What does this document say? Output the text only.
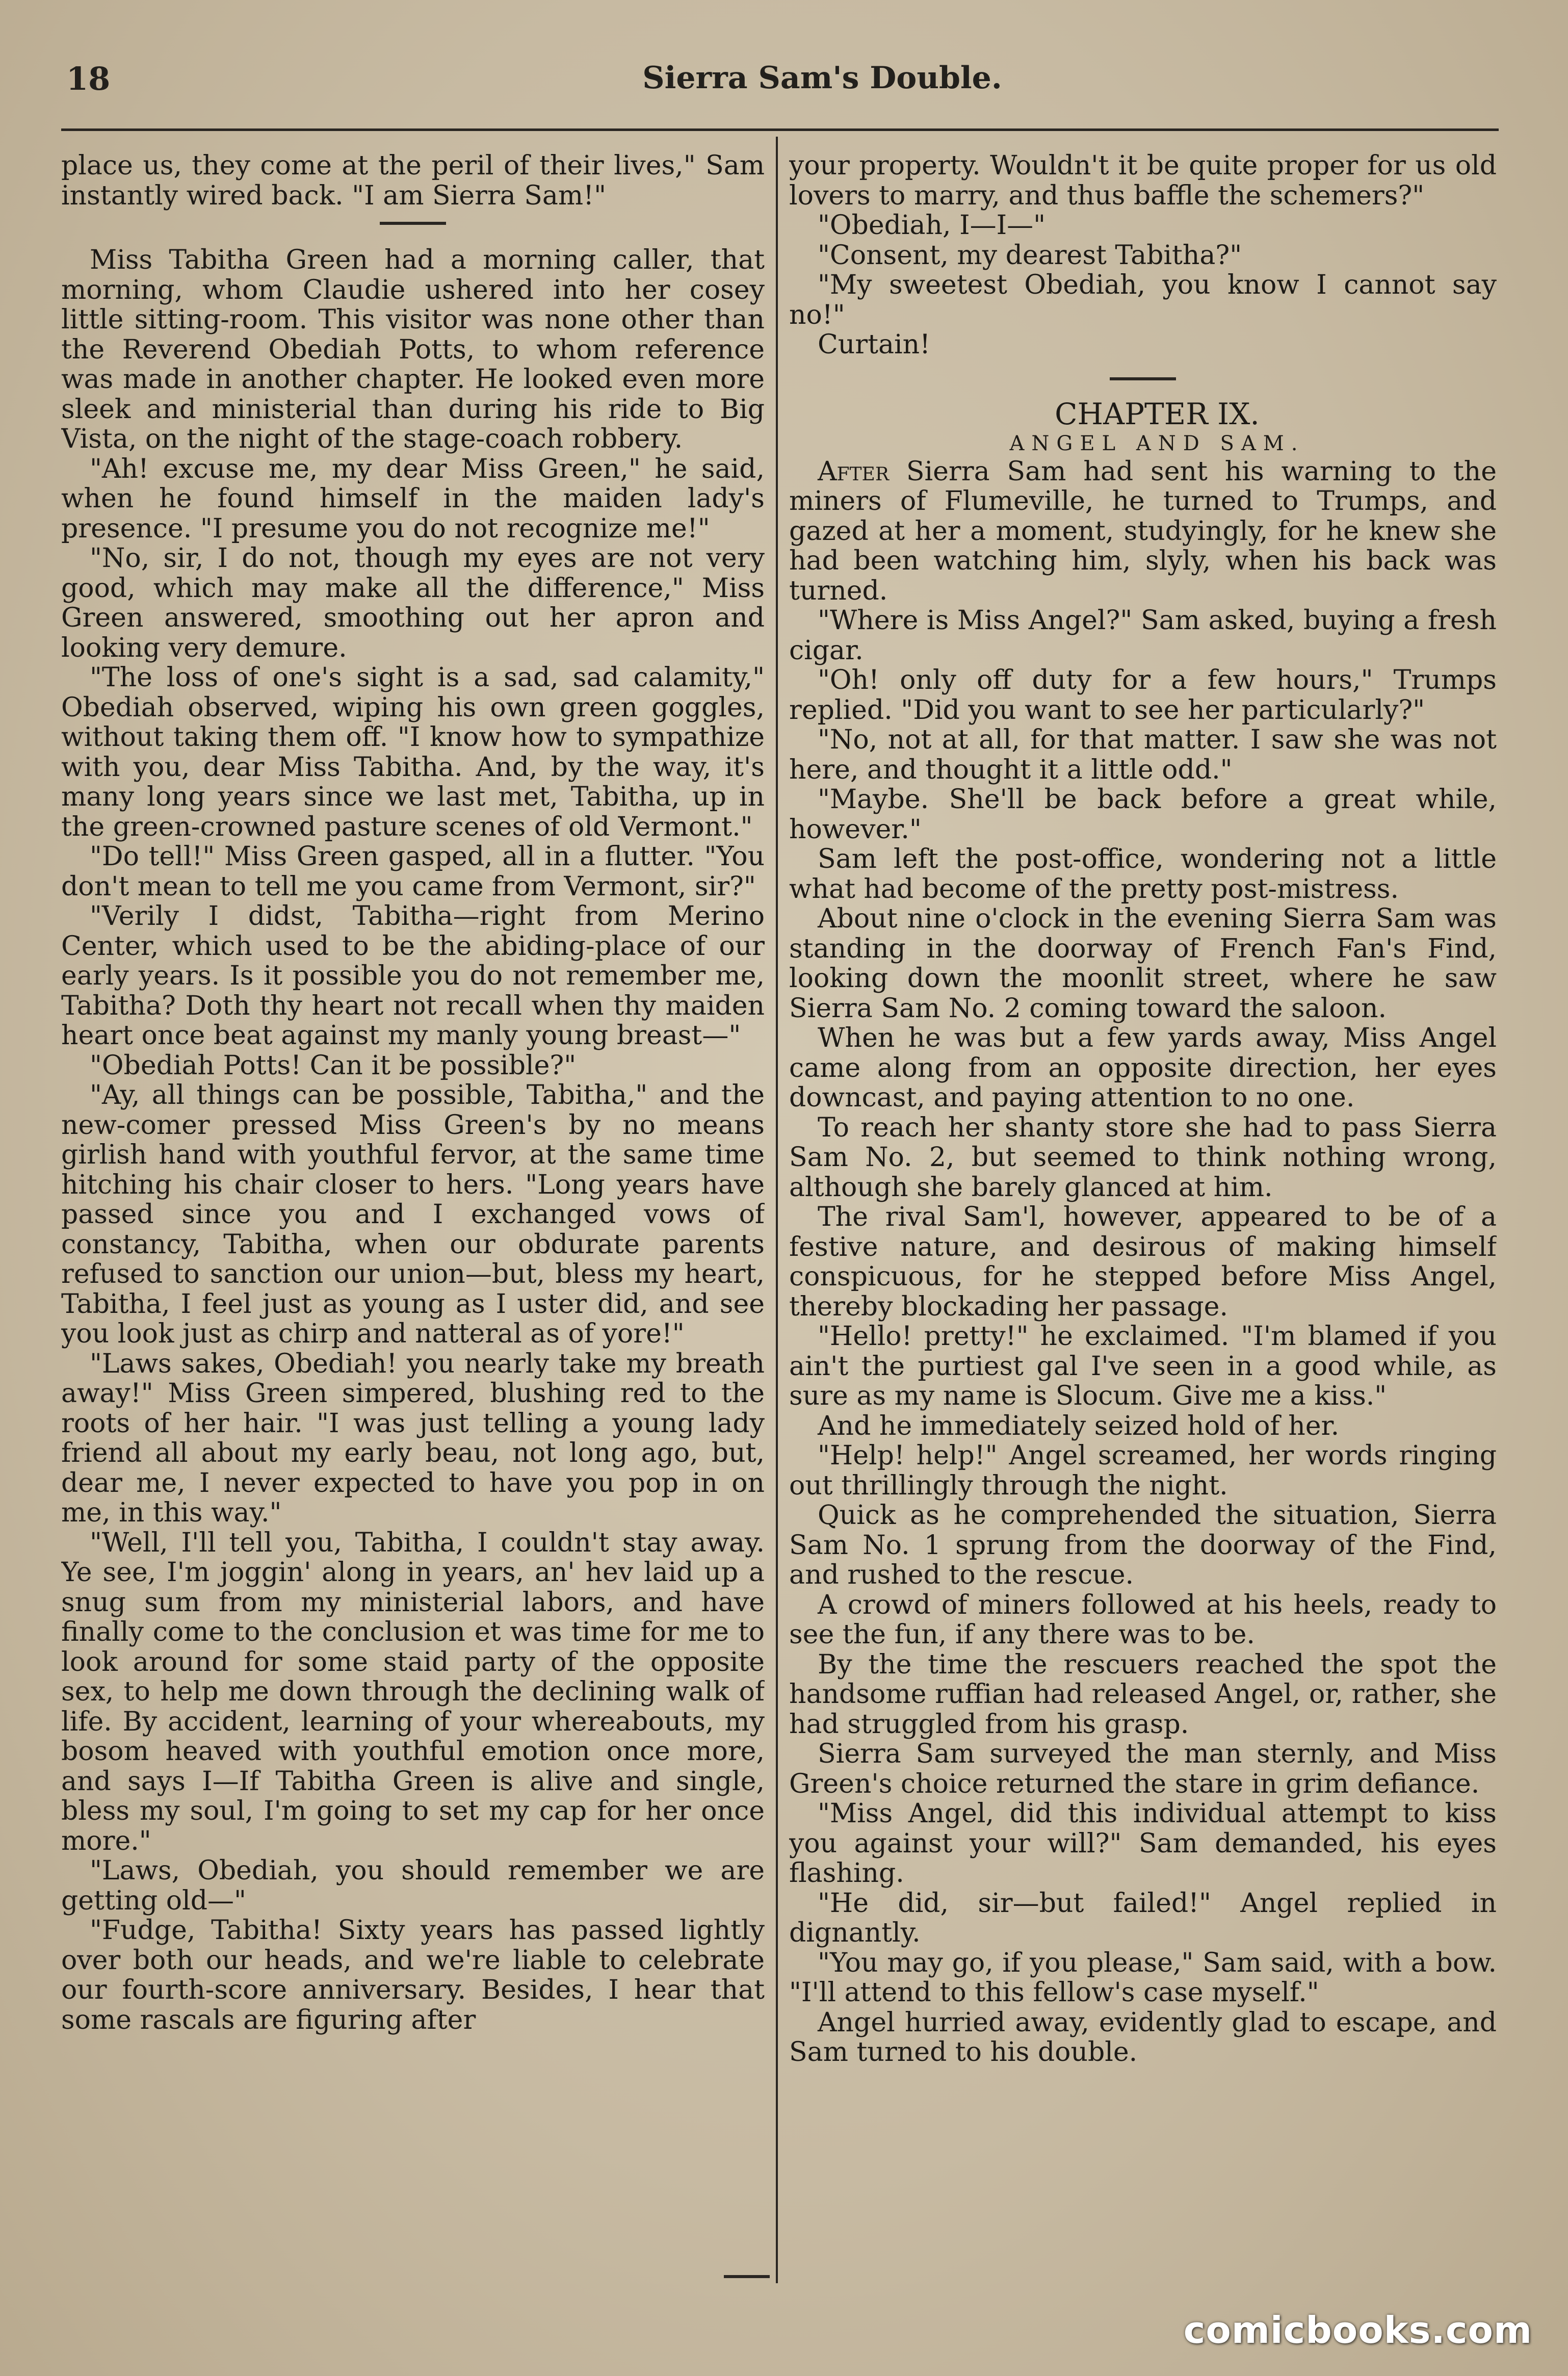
18	Sierra Sam's Double.

place us, they come at the peril of their lives," Sam instantly wired back. "I am Sierra Sam!"

Miss Tabitha Green had a morning caller, that morning, whom Claudie ushered into her cosey little sitting-room. This visitor was none other than the Reverend Obediah Potts, to whom reference was made in another chapter. He looked even more sleek and ministerial than during his ride to Big Vista, on the night of the stage-coach robbery.

"Ah! excuse me, my dear Miss Green," he said, when he found himself in the maiden lady's presence. "I presume you do not recognize me!"

"No, sir, I do not, though my eyes are not very good, which may make all the difference," Miss Green answered, smoothing out her apron and looking very demure.

"The loss of one's sight is a sad, sad calamity," Obediah observed, wiping his own green goggles, without taking them off. "I know how to sympathize with you, dear Miss Tabitha. And, by the way, it's many long years since we last met, Tabitha, up in the green-crowned pasture scenes of old Vermont."

"Do tell!" Miss Green gasped, all in a flutter. "You don't mean to tell me you came from Vermont, sir?"

"Verily I didst, Tabitha—right from Merino Center, which used to be the abiding-place of our early years. Is it possible you do not remember me, Tabitha? Doth thy heart not recall when thy maiden heart once beat against my manly young breast—"

"Obediah Potts! Can it be possible?"

"Ay, all things can be possible, Tabitha," and the new-comer pressed Miss Green's by no means girlish hand with youthful fervor, at the same time hitching his chair closer to hers. "Long years have passed since you and I exchanged vows of constancy, Tabitha, when our obdurate parents refused to sanction our union—but, bless my heart, Tabitha, I feel just as young as I uster did, and see you look just as chirp and natteral as of yore!"

"Laws sakes, Obediah! you nearly take my breath away!" Miss Green simpered, blushing red to the roots of her hair. "I was just telling a young lady friend all about my early beau, not long ago, but, dear me, I never expected to have you pop in on me, in this way."

"Well, I'll tell you, Tabitha, I couldn't stay away. Ye see, I'm joggin' along in years, an' hev laid up a snug sum from my ministerial labors, and have finally come to the conclusion et was time for me to look around for some staid party of the opposite sex, to help me down through the declining walk of life. By accident, learning of your whereabouts, my bosom heaved with youthful emotion once more, and says I—If Tabitha Green is alive and single, bless my soul, I'm going to set my cap for her once more."

"Laws, Obediah, you should remember we are getting old—"

"Fudge, Tabitha! Sixty years has passed lightly over both our heads, and we're liable to celebrate our fourth-score anniversary. Besides, I hear that some rascals are figuring after

your property. Wouldn't it be quite proper for us old lovers to marry, and thus baffle the schemers?"

"Obediah, I—I—"

"Consent, my dearest Tabitha?"

"My sweetest Obediah, you know I cannot say no!"

Curtain!

CHAPTER IX.

ANGEL AND SAM.

After Sierra Sam had sent his warning to the miners of Flumeville, he turned to Trumps, and gazed at her a moment, studyingly, for he knew she had been watching him, slyly, when his back was turned.

"Where is Miss Angel?" Sam asked, buying a fresh cigar.

"Oh! only off duty for a few hours," Trumps replied. "Did you want to see her particularly?"

"No, not at all, for that matter. I saw she was not here, and thought it a little odd."

"Maybe. She'll be back before a great while, however."

Sam left the post-office, wondering not a little what had become of the pretty post-mistress.

About nine o'clock in the evening Sierra Sam was standing in the doorway of French Fan's Find, looking down the moonlit street, where he saw Sierra Sam No. 2 coming toward the saloon.

When he was but a few yards away, Miss Angel came along from an opposite direction, her eyes downcast, and paying attention to no one.

To reach her shanty store she had to pass Sierra Sam No. 2, but seemed to think nothing wrong, although she barely glanced at him.

The rival Sam'l, however, appeared to be of a festive nature, and desirous of making himself conspicuous, for he stepped before Miss Angel, thereby blockading her passage.

"Hello! pretty!" he exclaimed. "I'm blamed if you ain't the purtiest gal I've seen in a good while, as sure as my name is Slocum. Give me a kiss."

And he immediately seized hold of her.

"Help! help!" Angel screamed, her words ringing out thrillingly through the night.

Quick as he comprehended the situation, Sierra Sam No. 1 sprung from the doorway of the Find, and rushed to the rescue.

A crowd of miners followed at his heels, ready to see the fun, if any there was to be.

By the time the rescuers reached the spot the handsome ruffian had released Angel, or, rather, she had struggled from his grasp.

Sierra Sam surveyed the man sternly, and Miss Green's choice returned the stare in grim defiance.

"Miss Angel, did this individual attempt to kiss you against your will?" Sam demanded, his eyes flashing.

"He did, sir—but failed!" Angel replied in dignantly.

"You may go, if you please," Sam said, with a bow. "I'll attend to this fellow's case myself."

Angel hurried away, evidently glad to escape, and Sam turned to his double.

comicbooks.com
